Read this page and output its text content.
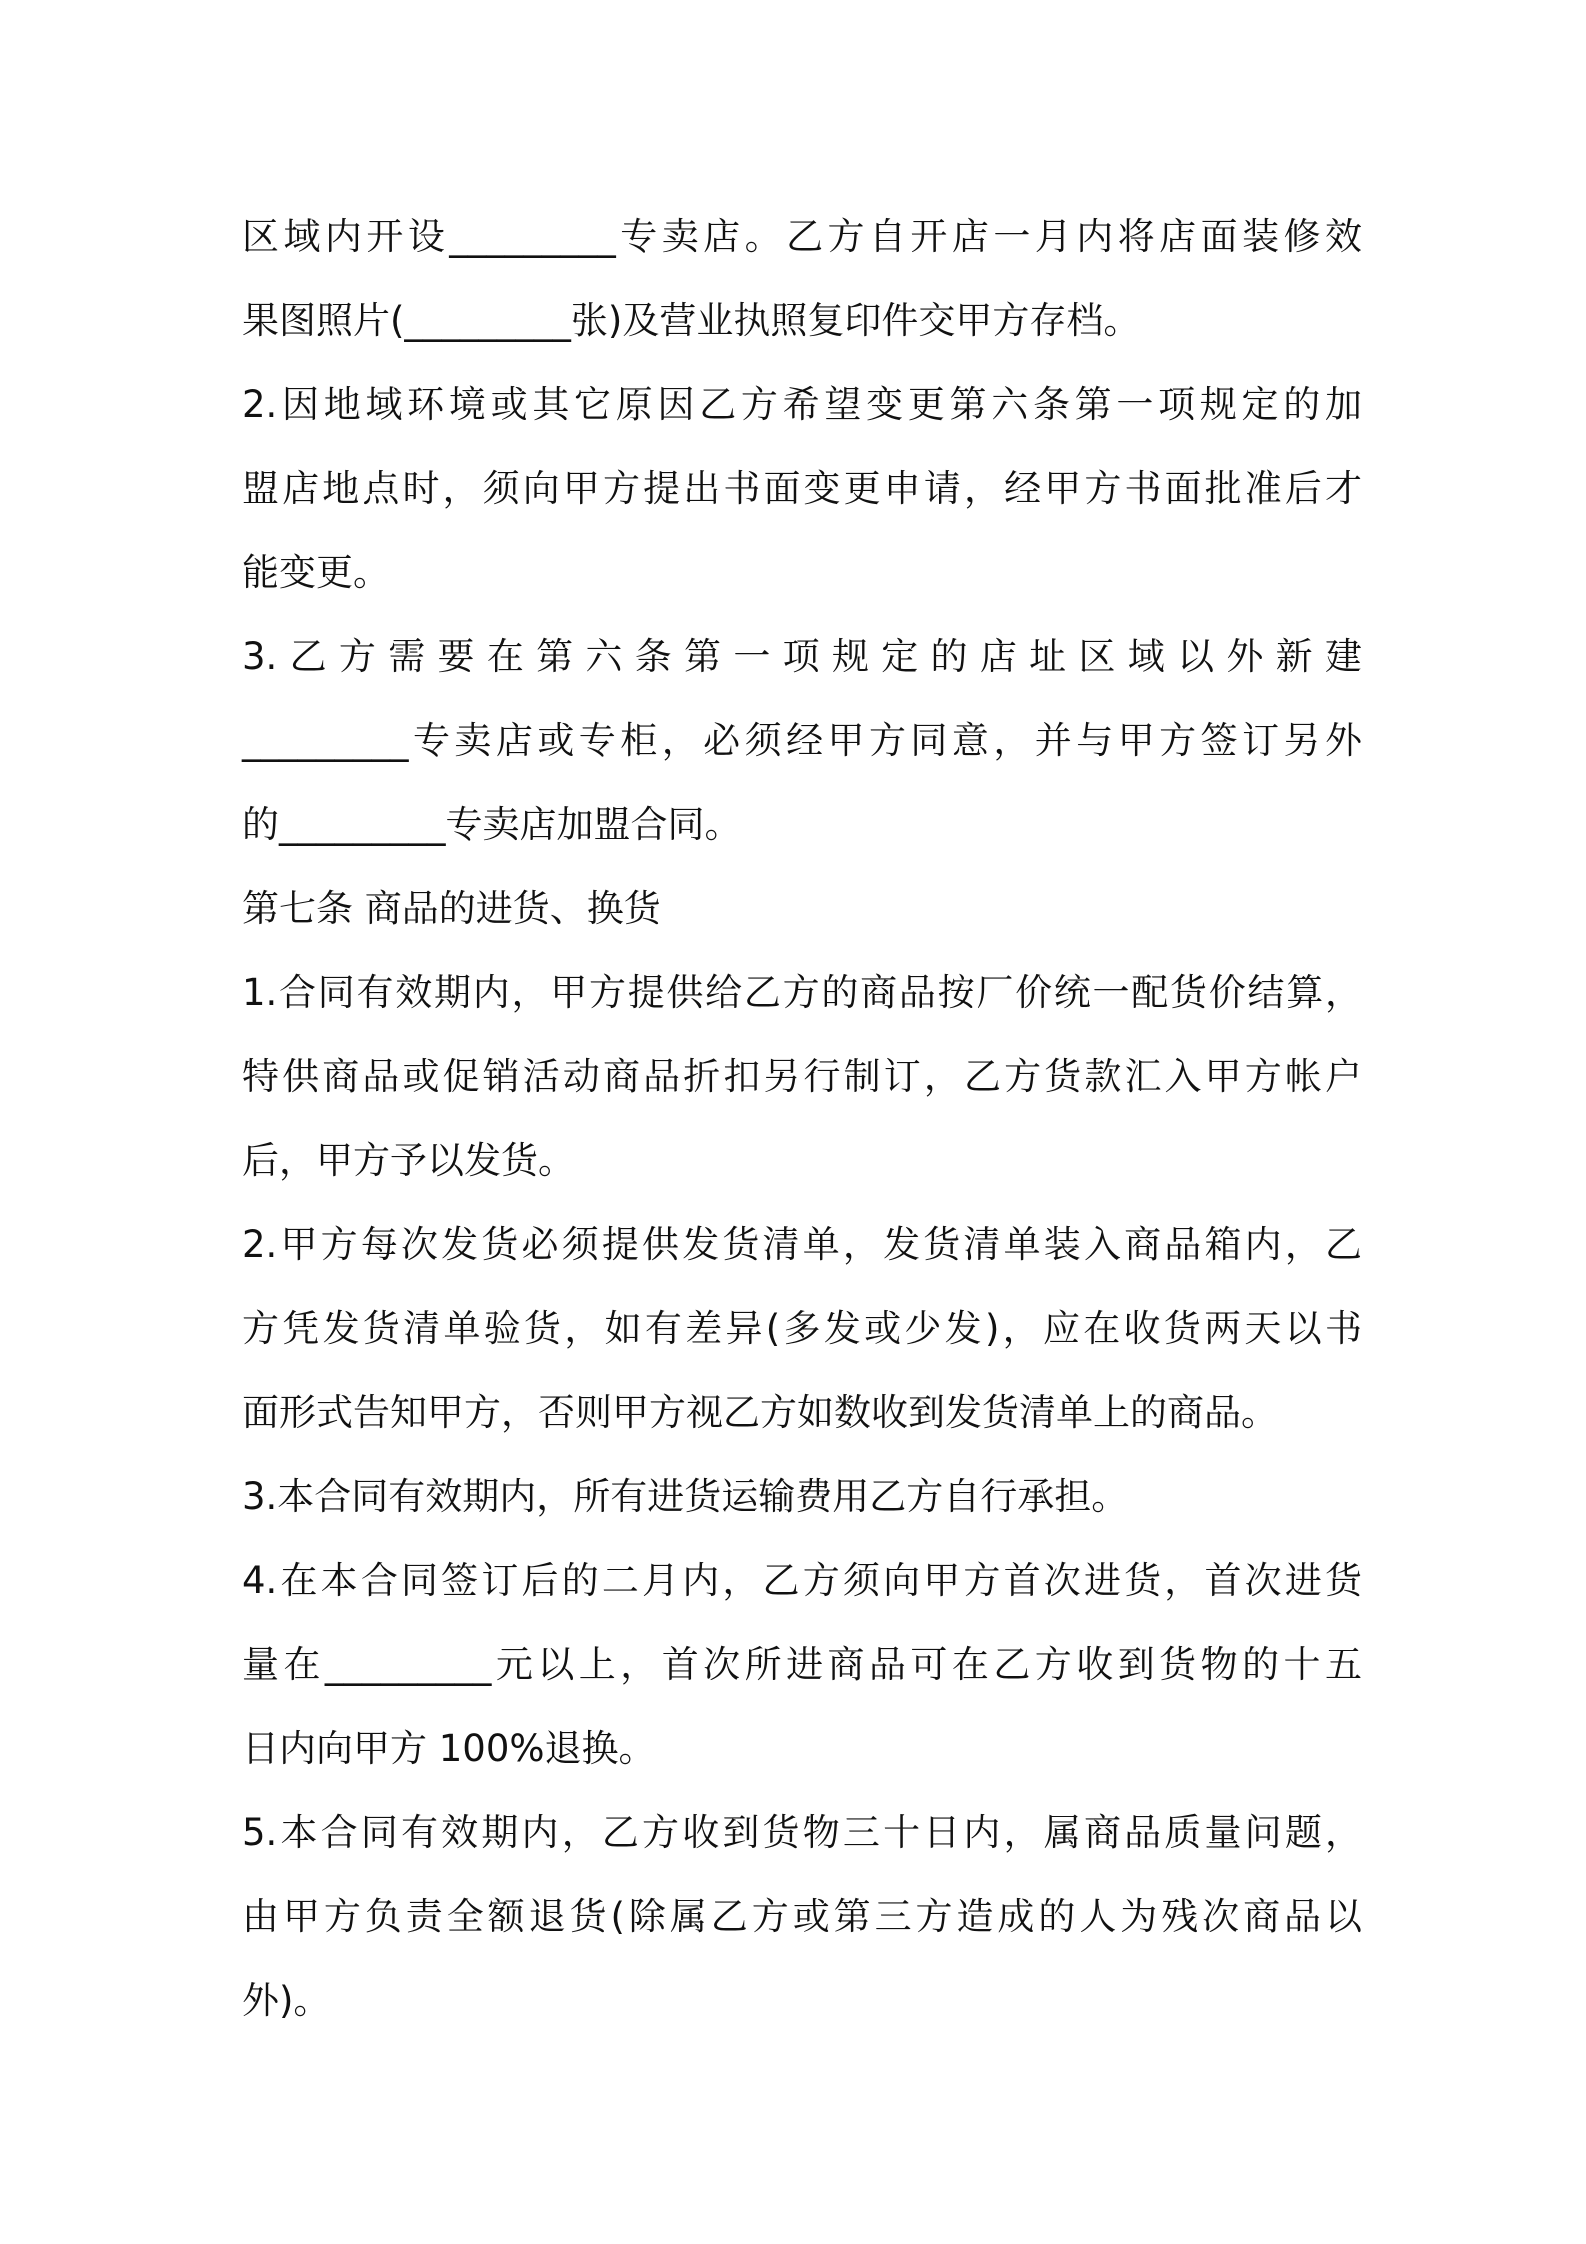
区域内开设_________专卖店。乙方自开店一月内将店面装修效
果图照片(_________张)及营业执照复印件交甲方存档。
2.因地域环境或其它原因乙方希望变更第六条第一项规定的加
盟店地点时，须向甲方提出书面变更申请，经甲方书面批准后才
能变更。
3.乙方需要在第六条第一项规定的店址区域以外新建
_________专卖店或专柜，必须经甲方同意，并与甲方签订另外
的_________专卖店加盟合同。
第七条 商品的进货、换货
1.合同有效期内，甲方提供给乙方的商品按厂价统一配货价结算，
特供商品或促销活动商品折扣另行制订，乙方货款汇入甲方帐户
后，甲方予以发货。
2.甲方每次发货必须提供发货清单，发货清单装入商品箱内，乙
方凭发货清单验货，如有差异(多发或少发)，应在收货两天以书
面形式告知甲方，否则甲方视乙方如数收到发货清单上的商品。
3.本合同有效期内，所有进货运输费用乙方自行承担。
4.在本合同签订后的二月内，乙方须向甲方首次进货，首次进货
量在_________元以上，首次所进商品可在乙方收到货物的十五
日内向甲方 100%退换。
5.本合同有效期内，乙方收到货物三十日内，属商品质量问题，
由甲方负责全额退货(除属乙方或第三方造成的人为残次商品以
外)。
